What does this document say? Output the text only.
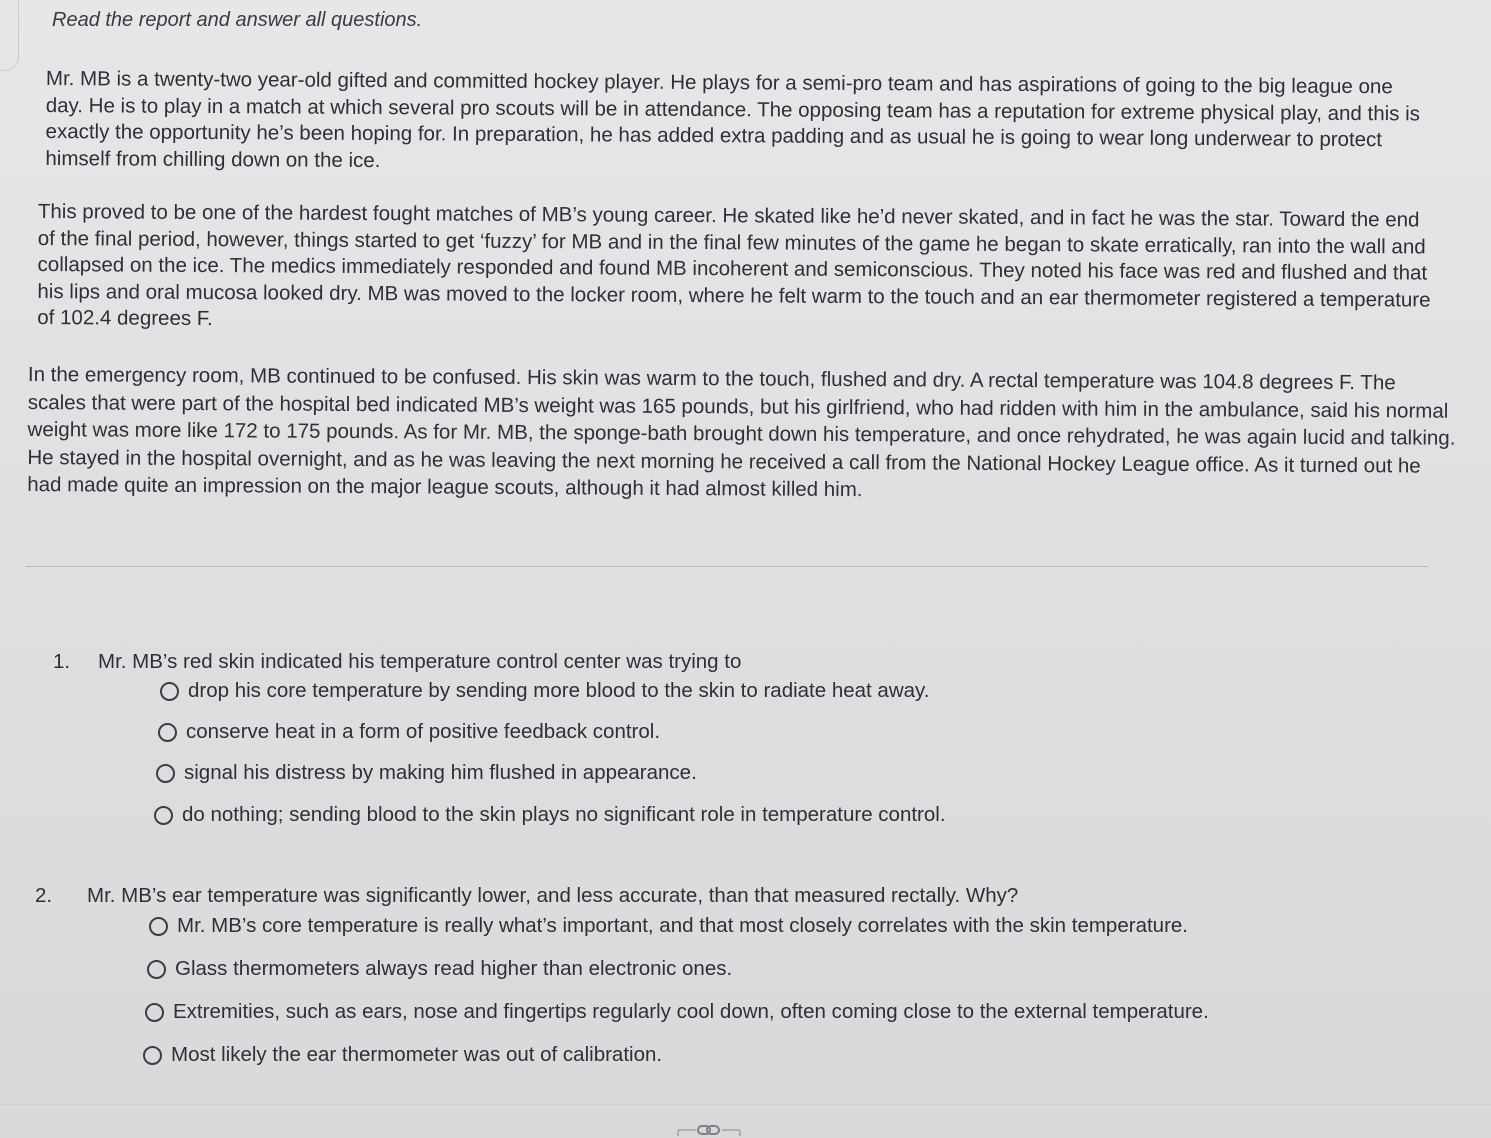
Read the report and answer all questions.

Mr. MB is a twenty-two year-old gifted and committed hockey player. He plays for a semi-pro team and has aspirations of going to the big league one day. He is to play in a match at which several pro scouts will be in attendance. The opposing team has a reputation for extreme physical play, and this is exactly the opportunity he’s been hoping for. In preparation, he has added extra padding and as usual he is going to wear long underwear to protect himself from chilling down on the ice.

This proved to be one of the hardest fought matches of MB’s young career. He skated like he’d never skated, and in fact he was the star. Toward the end of the final period, however, things started to get ‘fuzzy’ for MB and in the final few minutes of the game he began to skate erratically, ran into the wall and collapsed on the ice. The medics immediately responded and found MB incoherent and semiconscious. They noted his face was red and flushed and that his lips and oral mucosa looked dry. MB was moved to the locker room, where he felt warm to the touch and an ear thermometer registered a temperature of 102.4 degrees F.

In the emergency room, MB continued to be confused. His skin was warm to the touch, flushed and dry. A rectal temperature was 104.8 degrees F. The scales that were part of the hospital bed indicated MB’s weight was 165 pounds, but his girlfriend, who had ridden with him in the ambulance, said his normal weight was more like 172 to 175 pounds. As for Mr. MB, the sponge-bath brought down his temperature, and once rehydrated, he was again lucid and talking. He stayed in the hospital overnight, and as he was leaving the next morning he received a call from the National Hockey League office. As it turned out he had made quite an impression on the major league scouts, although it had almost killed him.

1. Mr. MB’s red skin indicated his temperature control center was trying to
drop his core temperature by sending more blood to the skin to radiate heat away.
conserve heat in a form of positive feedback control.
signal his distress by making him flushed in appearance.
do nothing; sending blood to the skin plays no significant role in temperature control.
2. Mr. MB’s ear temperature was significantly lower, and less accurate, than that measured rectally. Why?
Mr. MB’s core temperature is really what’s important, and that most closely correlates with the skin temperature.
Glass thermometers always read higher than electronic ones.
Extremities, such as ears, nose and fingertips regularly cool down, often coming close to the external temperature.
Most likely the ear thermometer was out of calibration.
